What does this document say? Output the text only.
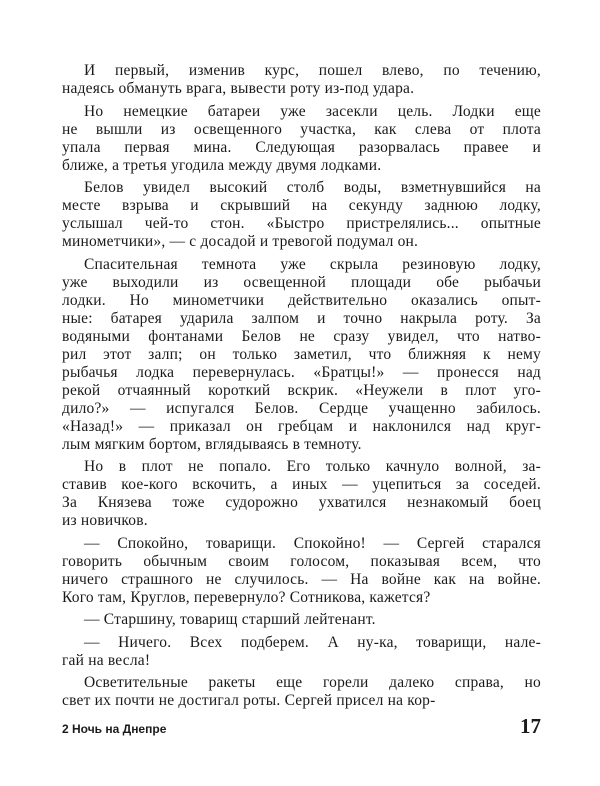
И первый, изменив курс, пошел влево, по течению,
надеясь обмануть врага, вывести роту из-под удара.
Но немецкие батареи уже засекли цель. Лодки еще
не вышли из освещенного участка, как слева от плота
упала первая мина. Следующая разорвалась правее и
ближе, а третья угодила между двумя лодками.
Белов увидел высокий столб воды, взметнувшийся на
месте взрыва и скрывший на секунду заднюю лодку,
услышал чей-то стон. «Быстро пристрелялись... опытные
минометчики», — с досадой и тревогой подумал он.
Спасительная темнота уже скрыла резиновую лодку,
уже выходили из освещенной площади обе рыбачьи
лодки. Но минометчики действительно оказались опыт-
ные: батарея ударила залпом и точно накрыла роту. За
водяными фонтанами Белов не сразу увидел, что натво-
рил этот залп; он только заметил, что ближняя к нему
рыбачья лодка перевернулась. «Братцы!» — пронесся над
рекой отчаянный короткий вскрик. «Неужели в плот уго-
дило?» — испугался Белов. Сердце учащенно забилось.
«Назад!» — приказал он гребцам и наклонился над круг-
лым мягким бортом, вглядываясь в темноту.
Но в плот не попало. Его только качнуло волной, за-
ставив кое-кого вскочить, а иных — уцепиться за соседей.
За Князева тоже судорожно ухватился незнакомый боец
из новичков.
— Спокойно, товарищи. Спокойно! — Сергей старался
говорить обычным своим голосом, показывая всем, что
ничего страшного не случилось. — На войне как на войне.
Кого там, Круглов, перевернуло? Сотникова, кажется?
— Старшину, товарищ старший лейтенант.
— Ничего. Всех подберем. А ну-ка, товарищи, нале-
гай на весла!
Осветительные ракеты еще горели далеко справа, но
свет их почти не достигал роты. Сергей присел на кор-
2 Ночь на Днепре	17
